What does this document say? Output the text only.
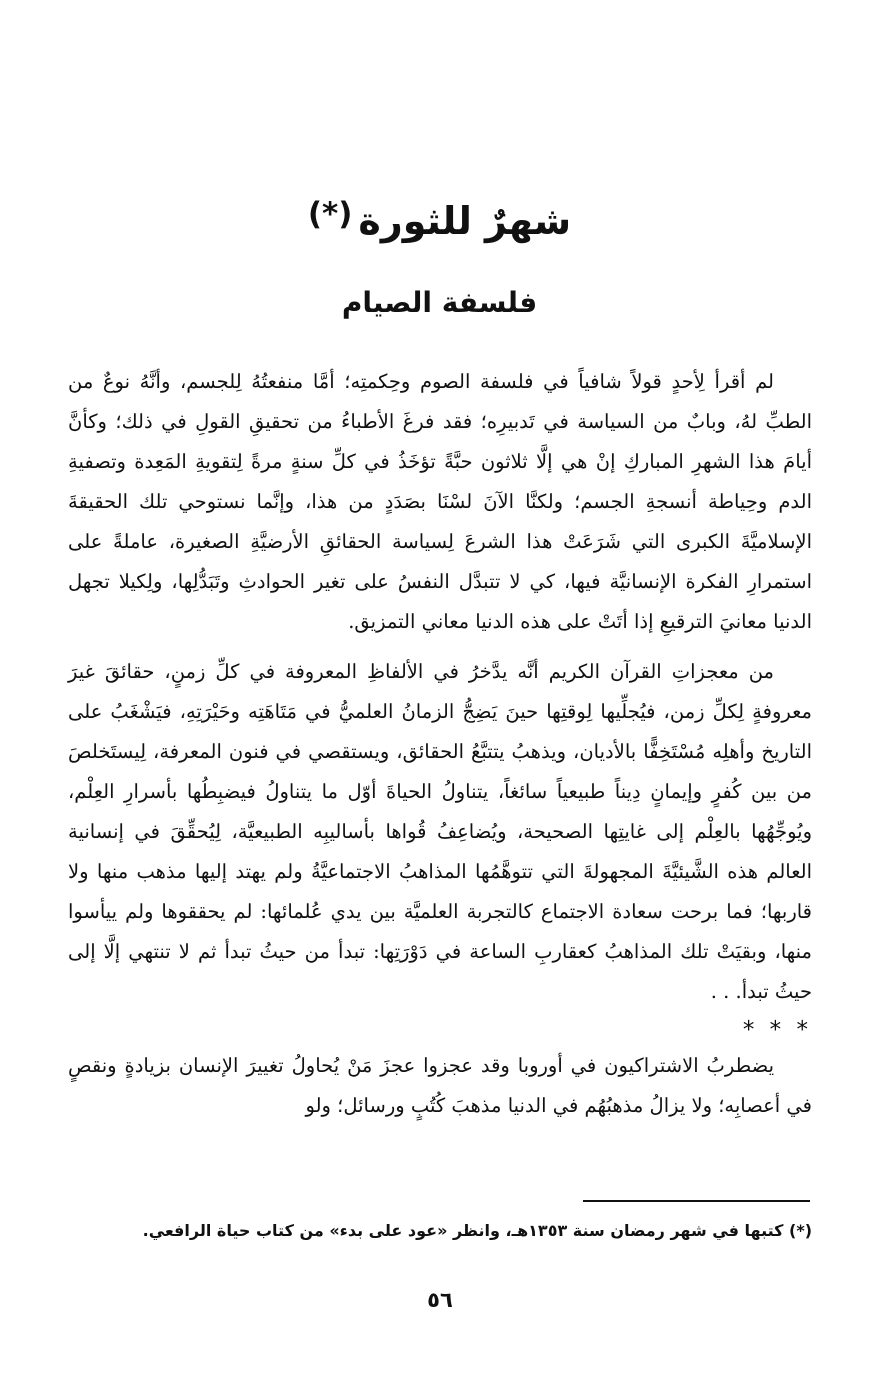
شهرٌ للثورة(*)
فلسفة الصيام

لم أقرأ لِأحدٍ قولاً شافياً في فلسفة الصوم وحِكمتِه؛ أمَّا منفعتُهُ لِلجسم، وأنَّهُ نوعٌ من الطبِّ لهُ، وبابٌ من السياسة في تَدبيرِه؛ فقد فرغَ الأطباءُ من تحقيقِ القولِ في ذلك؛ وكأنَّ أيامَ هذا الشهرِ المباركِ إنْ هي إلَّا ثلاثون حبَّةً تؤخَذُ في كلِّ سنةٍ مرةً لِتقويةِ المَعِدة وتصفيةِ الدم وحِياطة أنسجةِ الجسم؛ ولكنَّا الآنَ لسْنَا بصَدَدٍ من هذا، وإنَّما نستوحي تلك الحقيقةَ الإسلاميَّةَ الكبرى التي شَرَعَتْ هذا الشرعَ لِسياسة الحقائقِ الأرضيَّةِ الصغيرة، عاملةً على استمرارِ الفكرة الإنسانيَّة فيها، كي لا تتبدَّل النفسُ على تغير الحوادثِ وتَبَدُّلِها، ولِكيلا تجهل الدنيا معانيَ الترقيعِ إذا أتَتْ على هذه الدنيا معاني التمزيق.

من معجزاتِ القرآن الكريم أنَّه يدَّخرُ في الألفاظِ المعروفة في كلِّ زمنٍ، حقائقَ غيرَ معروفةٍ لِكلِّ زمن، فيُجلِّيها لِوقتِها حينَ يَضِجُّ الزمانُ العلميُّ في مَتَاهَتِه وحَيْرَتِهِ، فيَشْغَبُ على التاريخ وأهلِه مُسْتَخِفًّا بالأديان، ويذهبُ يتتبَّعُ الحقائق، ويستقصي في فنون المعرفة، لِيستَخلصَ من بين كُفرٍ وإيمانٍ دِيناً طبيعياً سائغاً، يتناولُ الحياةَ أوّل ما يتناولُ فيضبِطُها بأسرارِ العِلْم، ويُوجِّهُها بالعِلْم إلى غايتِها الصحيحة، ويُضاعِفُ قُواها بأساليبِه الطبيعيَّة، لِيُحقِّقَ في إنسانية العالم هذه الشَّيئيَّةَ المجهولةَ التي تتوهَّمُها المذاهبُ الاجتماعيَّةُ ولم يهتد إليها مذهب منها ولا قاربها؛ فما برحت سعادة الاجتماع كالتجربة العلميَّة بين يدي عُلمائها: لم يحققوها ولم ييأسوا منها، وبقيَتْ تلك المذاهبُ كعقاربِ الساعة في دَوْرَتِها: تبدأ من حيثُ تبدأ ثم لا تنتهي إلَّا إلى حيثُ تبدأ. . .

* * *

يضطربُ الاشتراكيون في أوروبا وقد عجزوا عجزَ مَنْ يُحاولُ تغييرَ الإنسان بزيادةٍ ونقصٍ في أعصابِه؛ ولا يزالُ مذهبُهُم في الدنيا مذهبَ كُتُبٍ ورسائل؛ ولو

(*) كتبها في شهر رمضان سنة ١٣٥٣هـ، وانظر «عود على بدء» من كتاب حياة الرافعي.
٥٦
